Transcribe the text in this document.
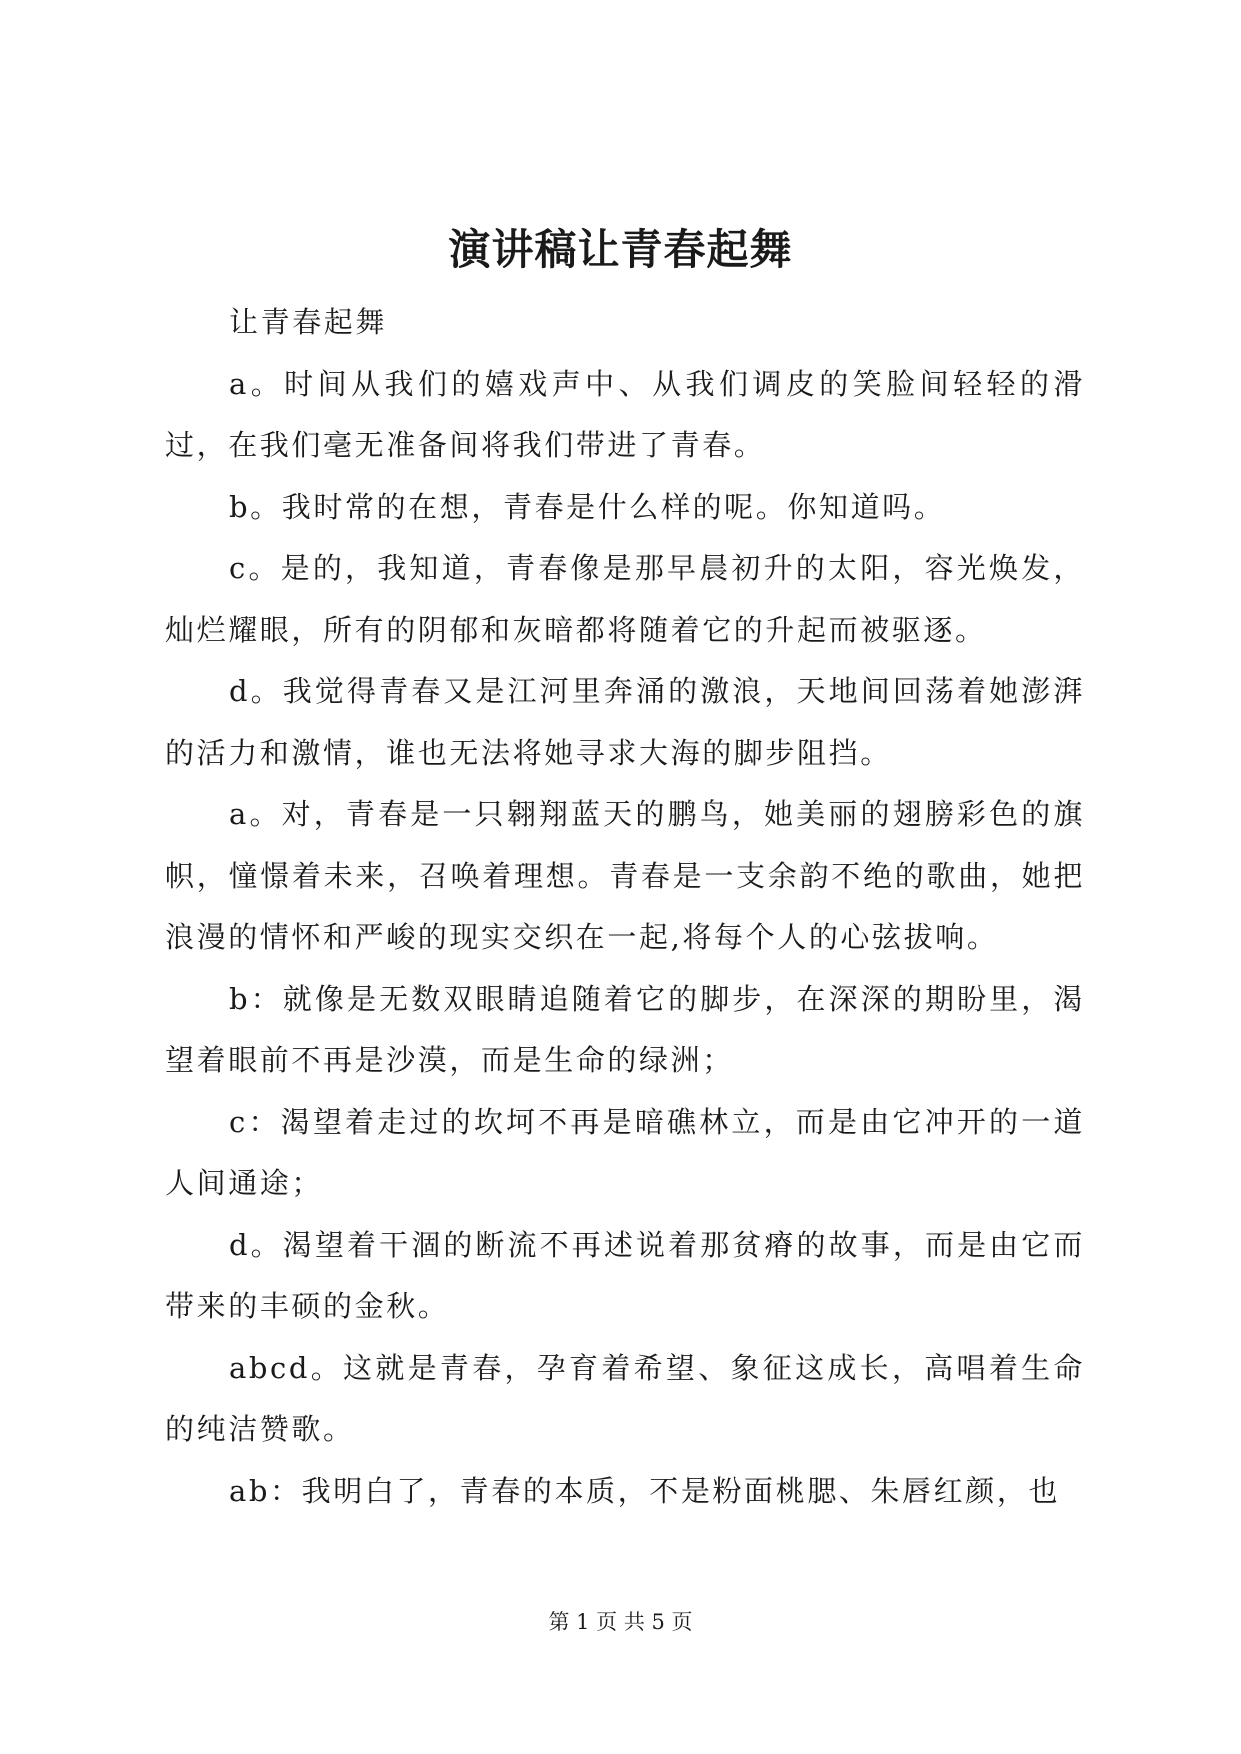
演讲稿让青春起舞

让青春起舞

a。时间从我们的嬉戏声中、从我们调皮的笑脸间轻轻的滑过，在我们毫无准备间将我们带进了青春。

b。我时常的在想，青春是什么样的呢。你知道吗。

c。是的，我知道，青春像是那早晨初升的太阳，容光焕发，灿烂耀眼，所有的阴郁和灰暗都将随着它的升起而被驱逐。

d。我觉得青春又是江河里奔涌的激浪，天地间回荡着她澎湃的活力和激情，谁也无法将她寻求大海的脚步阻挡。

a。对，青春是一只翱翔蓝天的鹏鸟，她美丽的翅膀彩色的旗帜，憧憬着未来，召唤着理想。青春是一支余韵不绝的歌曲，她把浪漫的情怀和严峻的现实交织在一起,将每个人的心弦拔响。

b：就像是无数双眼睛追随着它的脚步，在深深的期盼里，渴望着眼前不再是沙漠，而是生命的绿洲；

c：渴望着走过的坎坷不再是暗礁林立，而是由它冲开的一道人间通途；

d。渴望着干涸的断流不再述说着那贫瘠的故事，而是由它而带来的丰硕的金秋。

abcd。这就是青春，孕育着希望、象征这成长，高唱着生命的纯洁赞歌。

ab：我明白了，青春的本质，不是粉面桃腮、朱唇红颜，也

第 1 页 共 5 页
